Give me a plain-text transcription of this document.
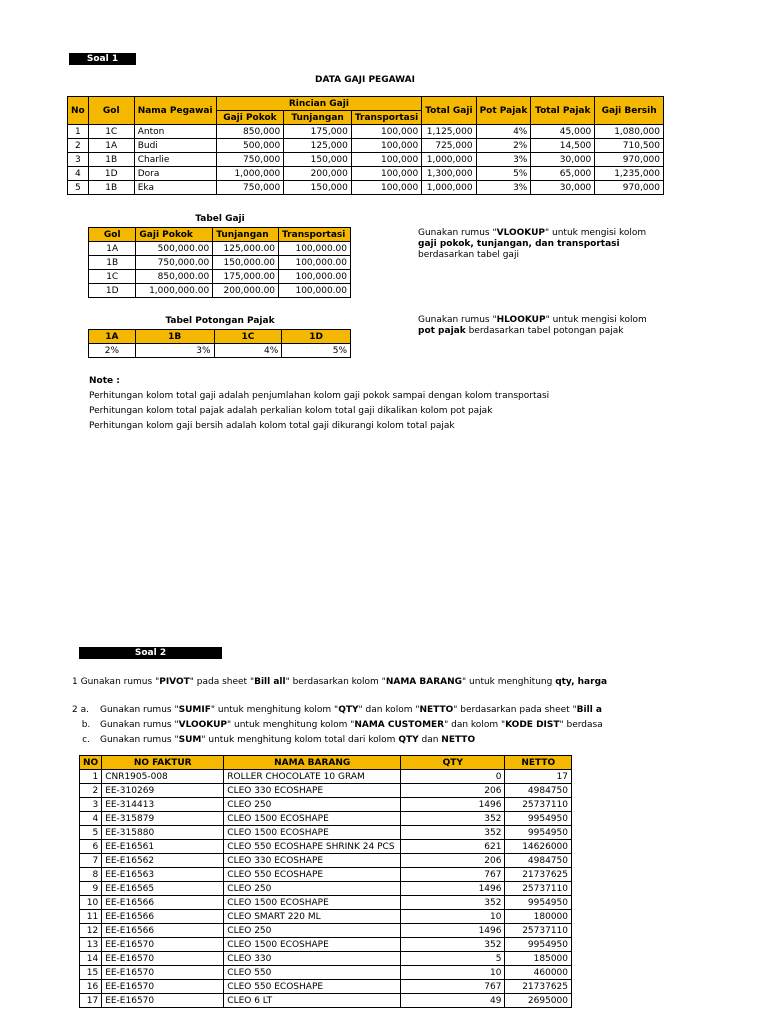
Soal 1
DATA GAJI PEGAWAI
No	Gol	Nama Pegawai	Rincian Gaji			Total Gaji	Pot Pajak	Total Pajak	Gaji Bersih
			Gaji Pokok	Tunjangan	Transportasi				
1	1C	Anton	850,000	175,000	100,000	1,125,000	4%	45,000	1,080,000
2	1A	Budi	500,000	125,000	100,000	725,000	2%	14,500	710,500
3	1B	Charlie	750,000	150,000	100,000	1,000,000	3%	30,000	970,000
4	1D	Dora	1,000,000	200,000	100,000	1,300,000	5%	65,000	1,235,000
5	1B	Eka	750,000	150,000	100,000	1,000,000	3%	30,000	970,000
Tabel Gaji
Gol	Gaji Pokok	Tunjangan	Transportasi
1A	500,000.00	125,000.00	100,000.00
1B	750,000.00	150,000.00	100,000.00
1C	850,000.00	175,000.00	100,000.00
1D	1,000,000.00	200,000.00	100,000.00
Gunakan rumus "VLOOKUP" untuk mengisi kolom gaji pokok, tunjangan, dan transportasi berdasarkan tabel gaji
Tabel Potongan Pajak
1A	1B	1C	1D
2%	3%	4%	5%
Gunakan rumus "HLOOKUP" untuk mengisi kolom pot pajak berdasarkan tabel potongan pajak
Note :
Perhitungan kolom total gaji adalah penjumlahan kolom gaji pokok sampai dengan kolom transportasi
Perhitungan kolom total pajak adalah perkalian kolom total gaji dikalikan kolom pot pajak
Perhitungan kolom gaji bersih adalah kolom total gaji dikurangi kolom total pajak
Soal 2
1 Gunakan rumus "PIVOT" pada sheet "Bill all" berdasarkan kolom "NAMA BARANG" untuk menghitung qty, harga
2 a. Gunakan rumus "SUMIF" untuk menghitung kolom "QTY" dan kolom "NETTO" berdasarkan pada sheet "Bill a
b. Gunakan rumus "VLOOKUP" untuk menghitung kolom "NAMA CUSTOMER" dan kolom "KODE DIST" berdasa
c. Gunakan rumus "SUM" untuk menghitung kolom total dari kolom QTY dan NETTO
NO	NO FAKTUR	NAMA BARANG	QTY	NETTO
1	CNR1905-008	ROLLER CHOCOLATE 10 GRAM	0	17
2	EE-310269	CLEO 330 ECOSHAPE	206	4984750
3	EE-314413	CLEO 250	1496	25737110
4	EE-315879	CLEO 1500 ECOSHAPE	352	9954950
5	EE-315880	CLEO 1500 ECOSHAPE	352	9954950
6	EE-E16561	CLEO 550 ECOSHAPE SHRINK 24 PCS	621	14626000
7	EE-E16562	CLEO 330 ECOSHAPE	206	4984750
8	EE-E16563	CLEO 550 ECOSHAPE	767	21737625
9	EE-E16565	CLEO 250	1496	25737110
10	EE-E16566	CLEO 1500 ECOSHAPE	352	9954950
11	EE-E16566	CLEO SMART 220 ML	10	180000
12	EE-E16566	CLEO 250	1496	25737110
13	EE-E16570	CLEO 1500 ECOSHAPE	352	9954950
14	EE-E16570	CLEO 330	5	185000
15	EE-E16570	CLEO 550	10	460000
16	EE-E16570	CLEO 550 ECOSHAPE	767	21737625
17	EE-E16570	CLEO 6 LT	49	2695000
